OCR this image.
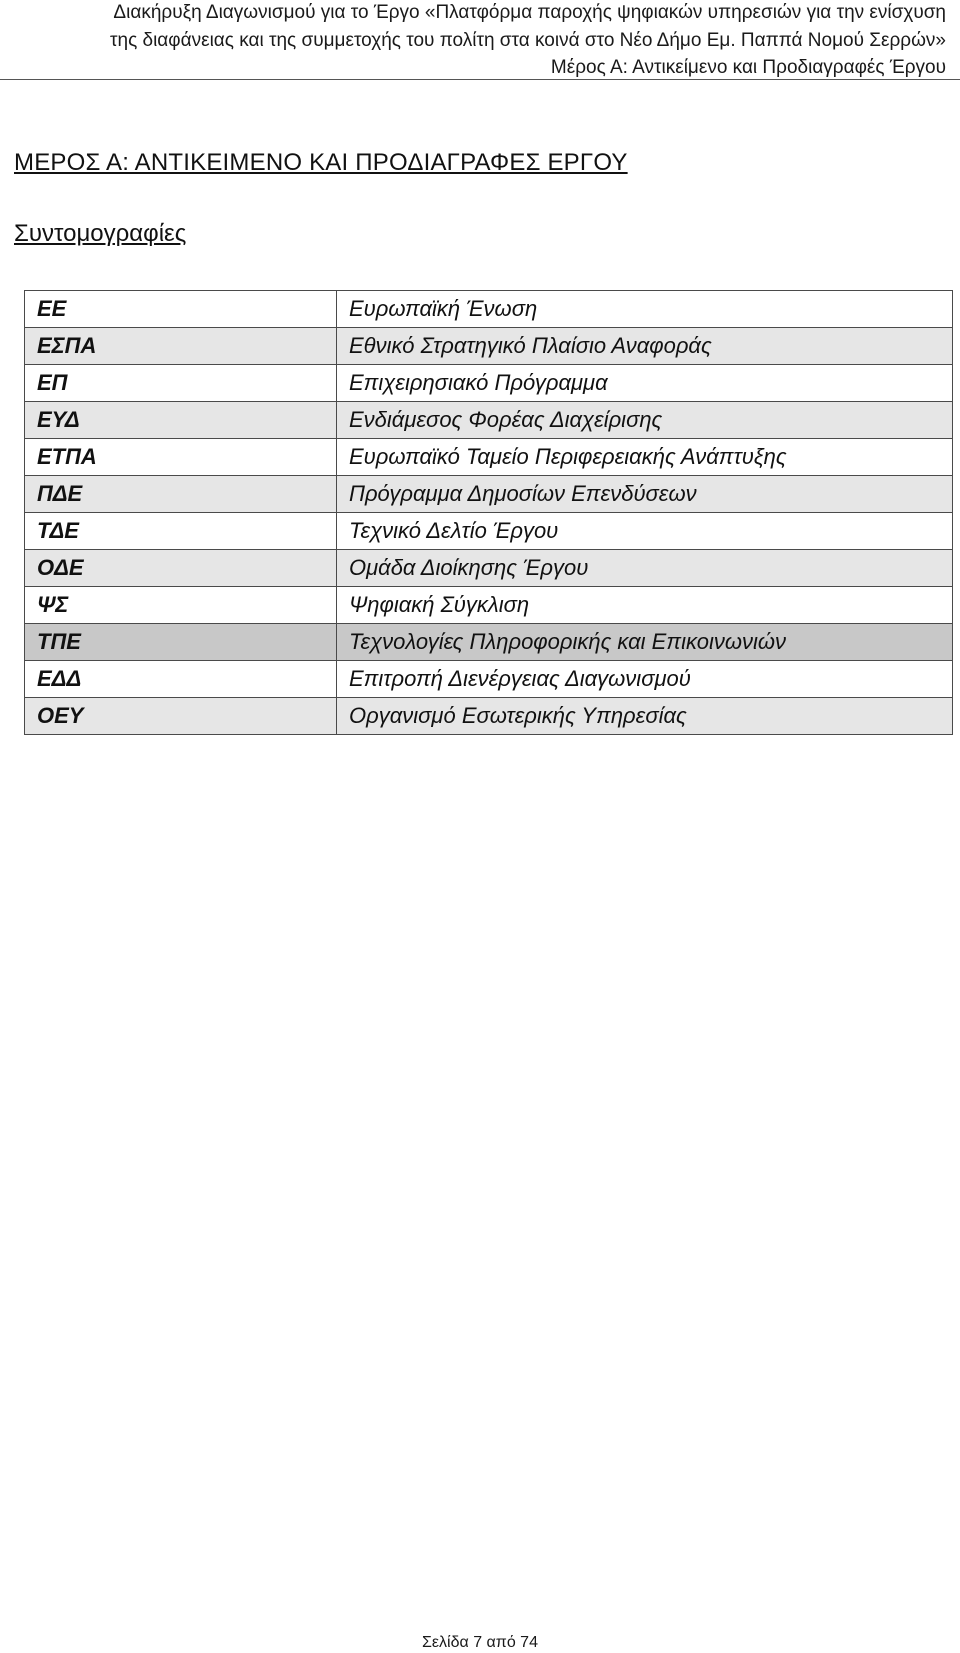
Διακήρυξη Διαγωνισμού για το Έργο «Πλατφόρμα παροχής ψηφιακών υπηρεσιών για την ενίσχυση
της διαφάνειας και της συμμετοχής του πολίτη στα κοινά στο Νέο Δήμο Εμ. Παππά Νομού Σερρών»
Μέρος Α: Αντικείμενο και Προδιαγραφές Έργου
ΜΕΡΟΣ Α: ΑΝΤΙΚΕΙΜΕΝΟ ΚΑΙ ΠΡΟΔΙΑΓΡΑΦΕΣ ΕΡΓΟΥ
Συντομογραφίες
ΕΕ	Ευρωπαϊκή Ένωση
ΕΣΠΑ	Εθνικό Στρατηγικό Πλαίσιο Αναφοράς
ΕΠ	Επιχειρησιακό Πρόγραμμα
ΕΥΔ	Ενδιάμεσος Φορέας Διαχείρισης
ΕΤΠΑ	Ευρωπαϊκό Ταμείο Περιφερειακής Ανάπτυξης
ΠΔΕ	Πρόγραμμα Δημοσίων Επενδύσεων
ΤΔΕ	Τεχνικό Δελτίο Έργου
ΟΔΕ	Ομάδα Διοίκησης Έργου
ΨΣ	Ψηφιακή Σύγκλιση
ΤΠΕ	Τεχνολογίες Πληροφορικής και Επικοινωνιών
ΕΔΔ	Επιτροπή Διενέργειας Διαγωνισμού
ΟΕΥ	Οργανισμό Εσωτερικής Υπηρεσίας
Σελίδα 7 από 74
